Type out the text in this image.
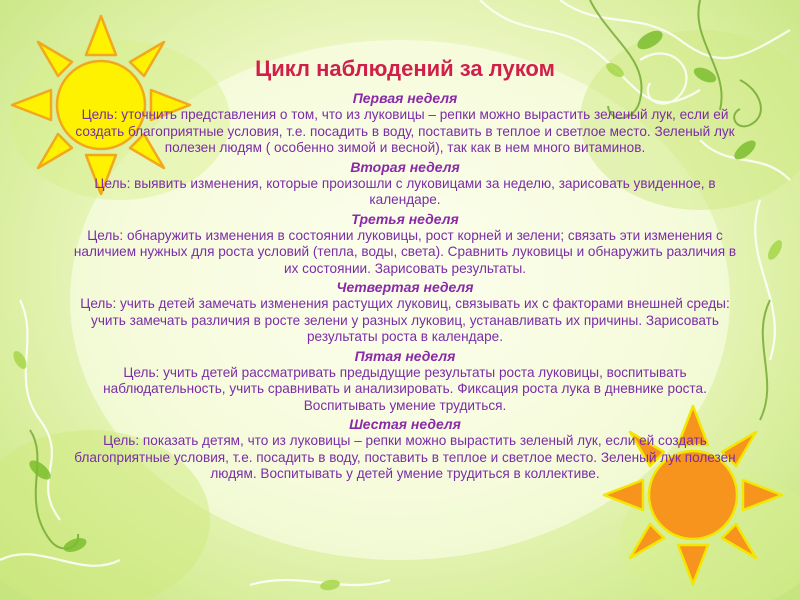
Цикл наблюдений за луком
Первая неделя
Цель: уточнить представления о том, что из луковицы – репки можно вырастить зеленый лук, если ей создать благоприятные условия, т.е. посадить в воду, поставить в теплое и светлое место. Зеленый лук полезен людям ( особенно зимой и весной), так как в нем много витаминов.
Вторая неделя
Цель: выявить изменения, которые произошли с луковицами за неделю, зарисовать увиденное, в календаре.
Третья неделя
Цель: обнаружить изменения в состоянии луковицы, рост корней и зелени; связать эти изменения с наличием нужных для роста условий (тепла, воды, света). Сравнить луковицы и обнаружить различия в их состоянии. Зарисовать результаты.
Четвертая неделя
Цель: учить детей замечать изменения растущих луковиц, связывать их с факторами внешней среды: учить замечать различия в росте зелени у разных луковиц, устанавливать их причины. Зарисовать результаты роста в календаре.
Пятая неделя
Цель: учить детей рассматривать предыдущие результаты роста луковицы, воспитывать наблюдательность, учить сравнивать и анализировать. Фиксация роста лука в дневнике роста. Воспитывать умение трудиться.
Шестая неделя
Цель: показать детям, что из луковицы – репки можно вырастить зеленый лук, если ей создать благоприятные условия, т.е. посадить в воду, поставить в теплое и светлое место. Зеленый лук полезен людям. Воспитывать у детей умение трудиться в коллективе.
